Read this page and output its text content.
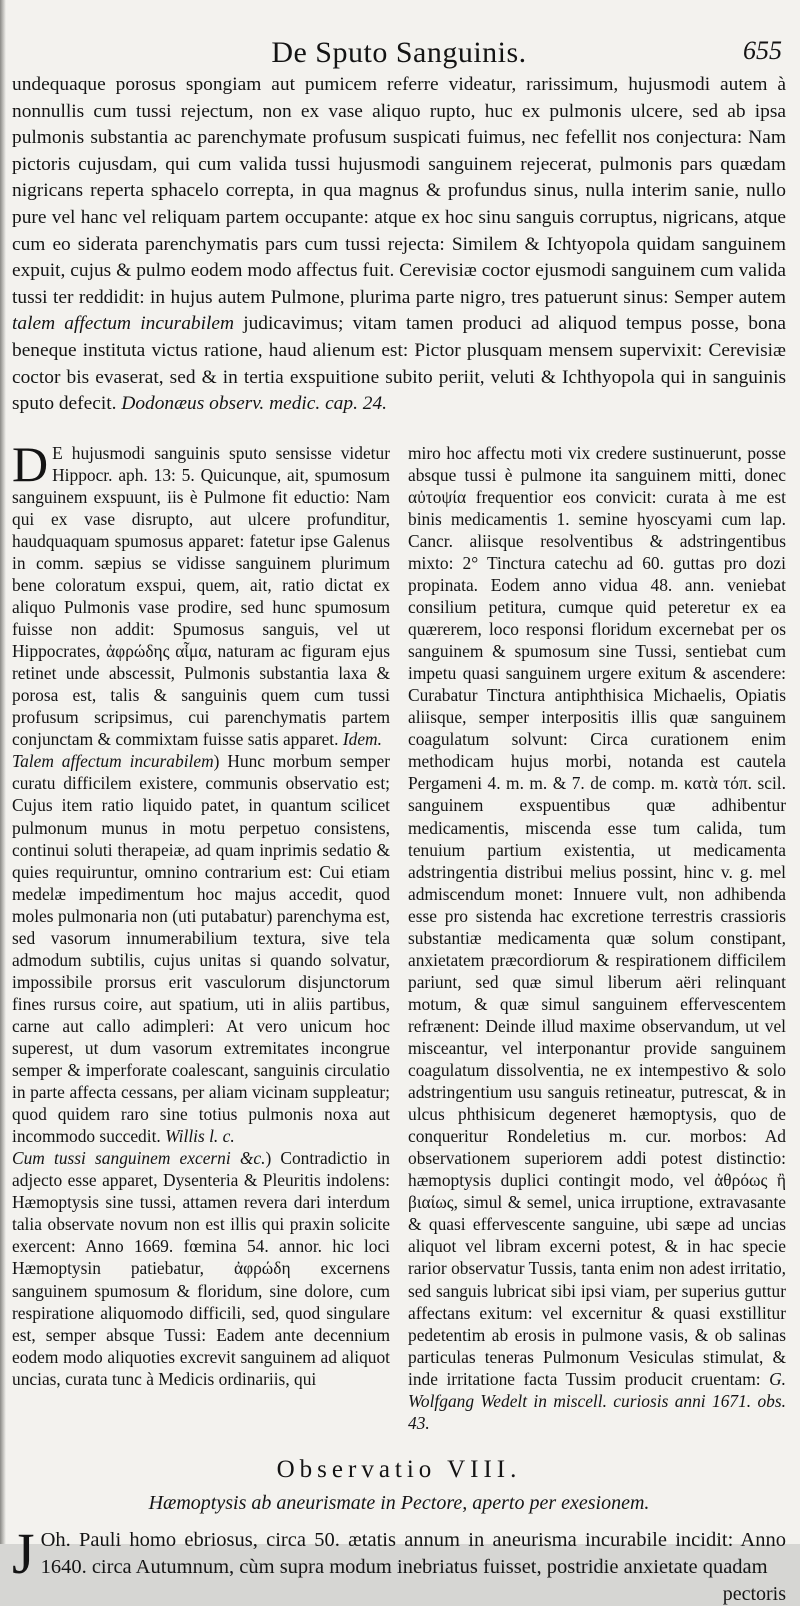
De Sputo Sanguinis.	655

undequaque porosus spongiam aut pumicem referre videatur, rarissimum, hujusmodi autem à nonnullis cum tussi rejectum, non ex vase aliquo rupto, huc ex pulmonis ulcere, sed ab ipsa pulmonis substantia ac parenchymate profusum suspicati fuimus, nec fefellit nos conjectura: Nam pictoris cujusdam, qui cum valida tussi hujusmodi sanguinem rejecerat, pulmonis pars quædam nigricans reperta sphacelo correpta, in qua magnus & profundus sinus, nulla interim sanie, nullo pure vel hanc vel reliquam partem occupante: atque ex hoc sinu sanguis corruptus, nigricans, atque cum eo siderata parenchymatis pars cum tussi rejecta: Similem & Ichtyopola quidam sanguinem expuit, cujus & pulmo eodem modo affectus fuit. Cerevisiæ coctor ejusmodi sanguinem cum valida tussi ter reddidit: in hujus autem Pulmone, plurima parte nigro, tres patuerunt sinus: Semper autem talem affectum incurabilem judicavimus; vitam tamen produci ad aliquod tempus posse, bona beneque instituta victus ratione, haud alienum est: Pictor plusquam mensem supervixit: Cerevisiæ coctor bis evaserat, sed & in tertia exspuitione subito periit, veluti & Ichthyopola qui in sanguinis sputo defecit. Dodonæus observ. medic. cap. 24.

D E hujusmodi sanguinis sputo sensisse videtur Hippocr. aph. 13: 5. Quicunque, ait, spumosum sanguinem exspuunt, iis è Pulmone fit eductio: Nam qui ex vase disrupto, aut ulcere profunditur, haudquaquam spumosus apparet: fatetur ipse Galenus in comm. sæpius se vidisse sanguinem plurimum bene coloratum exspui, quem, ait, ratio dictat ex aliquo Pulmonis vase prodire, sed hunc spumosum fuisse non addit: Spumosus sanguis, vel ut Hippocrates, ἀφρώδης αἷμα, naturam ac figuram ejus retinet unde abscessit, Pulmonis substantia laxa & porosa est, talis & sanguinis quem cum tussi profusum scripsimus, cui parenchymatis partem conjunctam & commixtam fuisse satis apparet. Idem.

Talem affectum incurabilem) Hunc morbum semper curatu difficilem existere, communis observatio est; Cujus item ratio liquido patet, in quantum scilicet pulmonum munus in motu perpetuo consistens, continui soluti therapeiæ, ad quam inprimis sedatio & quies requiruntur, omnino contrarium est: Cui etiam medelæ impedimentum hoc majus accedit, quod moles pulmonaria non (uti putabatur) parenchyma est, sed vasorum innumerabilium textura, sive tela admodum subtilis, cujus unitas si quando solvatur, impossibile prorsus erit vasculorum disjunctorum fines rursus coire, aut spatium, uti in aliis partibus, carne aut callo adimpleri: At vero unicum hoc superest, ut dum vasorum extremitates incongrue semper & imperforate coalescant, sanguinis circulatio in parte affecta cessans, per aliam vicinam suppleatur; quod quidem raro sine totius pulmonis noxa aut incommodo succedit. Willis l. c.

Cum tussi sanguinem excerni &c.) Contradictio in adjecto esse apparet, Dysenteria & Pleuritis indolens: Hæmoptysis sine tussi, attamen revera dari interdum talia observate novum non est illis qui praxin solicite exercent: Anno 1669. fœmina 54. annor. hic loci Hæmoptysin patiebatur, ἀφρώδη excernens sanguinem spumosum & floridum, sine dolore, cum respiratione aliquomodo difficili, sed, quod singulare est, semper absque Tussi: Eadem ante decennium eodem modo aliquoties excrevit sanguinem ad aliquot uncias, curata tunc à Medicis ordinariis, qui

miro hoc affectu moti vix credere sustinuerunt, posse absque tussi è pulmone ita sanguinem mitti, donec αὐτοψία frequentior eos convicit: curata à me est binis medicamentis 1. semine hyoscyami cum lap. Cancr. aliisque resolventibus & adstringentibus mixto: 2° Tinctura catechu ad 60. guttas pro dozi propinata. Eodem anno vidua 48. ann. veniebat consilium petitura, cumque quid peteretur ex ea quærerem, loco responsi floridum excernebat per os sanguinem & spumosum sine Tussi, sentiebat cum impetu quasi sanguinem urgere exitum & ascendere: Curabatur Tinctura antiphthisica Michaelis, Opiatis aliisque, semper interpositis illis quæ sanguinem coagulatum solvunt: Circa curationem enim methodicam hujus morbi, notanda est cautela Pergameni 4. m. m. & 7. de comp. m. κατὰ τόπ. scil. sanguinem exspuentibus quæ adhibentur medicamentis, miscenda esse tum calida, tum tenuium partium existentia, ut medicamenta adstringentia distribui melius possint, hinc v. g. mel admiscendum monet: Innuere vult, non adhibenda esse pro sistenda hac excretione terrestris crassioris substantiæ medicamenta quæ solum constipant, anxietatem præcordiorum & respirationem difficilem pariunt, sed quæ simul liberum aëri relinquant motum, & quæ simul sanguinem effervescentem refrænent: Deinde illud maxime observandum, ut vel misceantur, vel interponantur provide sanguinem coagulatum dissolventia, ne ex intempestivo & solo adstringentium usu sanguis retineatur, putrescat, & in ulcus phthisicum degeneret hæmoptysis, quo de conqueritur Rondeletius m. cur. morbos: Ad observationem superiorem addi potest distinctio: hæmoptysis duplici contingit modo, vel ἀθρόως ἢ βιαίως, simul & semel, unica irruptione, extravasante & quasi effervescente sanguine, ubi sæpe ad uncias aliquot vel libram excerni potest, & in hac specie rarior observatur Tussis, tanta enim non adest irritatio, sed sanguis lubricat sibi ipsi viam, per superius guttur affectans exitum: vel excernitur & quasi exstillitur pedetentim ab erosis in pulmone vasis, & ob salinas particulas teneras Pulmonum Vesiculas stimulat, & inde irritatione facta Tussim producit cruentam: G. Wolfgang Wedelt in miscell. curiosis anni 1671. obs. 43.

Observatio VIII.
Hæmoptysis ab aneurismate in Pectore, aperto per exesionem.

J Oh. Pauli homo ebriosus, circa 50. ætatis annum in aneurisma incurabile incidit: Anno 1640. circa Autumnum, cùm supra modum inebriatus fuisset, postridie anxietate quadam

pectoris
